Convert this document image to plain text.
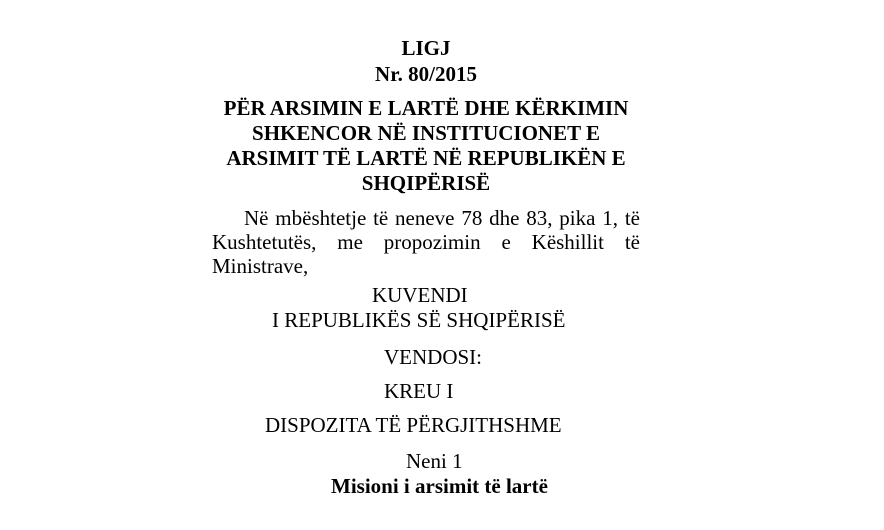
LIGJ
Nr. 80/2015
PËR ARSIMIN E LARTË DHE KËRKIMIN
SHKENCOR NË INSTITUCIONET E
ARSIMIT TË LARTË NË REPUBLIKËN E
SHQIPËRISË
Në mbështetje të neneve 78 dhe 83, pika 1, të
Kushtetutës, me propozimin e Këshillit të
Ministrave,
KUVENDI
I REPUBLIKËS SË SHQIPËRISË
VENDOSI:
KREU I
DISPOZITA TË PËRGJITHSHME
Neni 1
Misioni i arsimit të lartë
